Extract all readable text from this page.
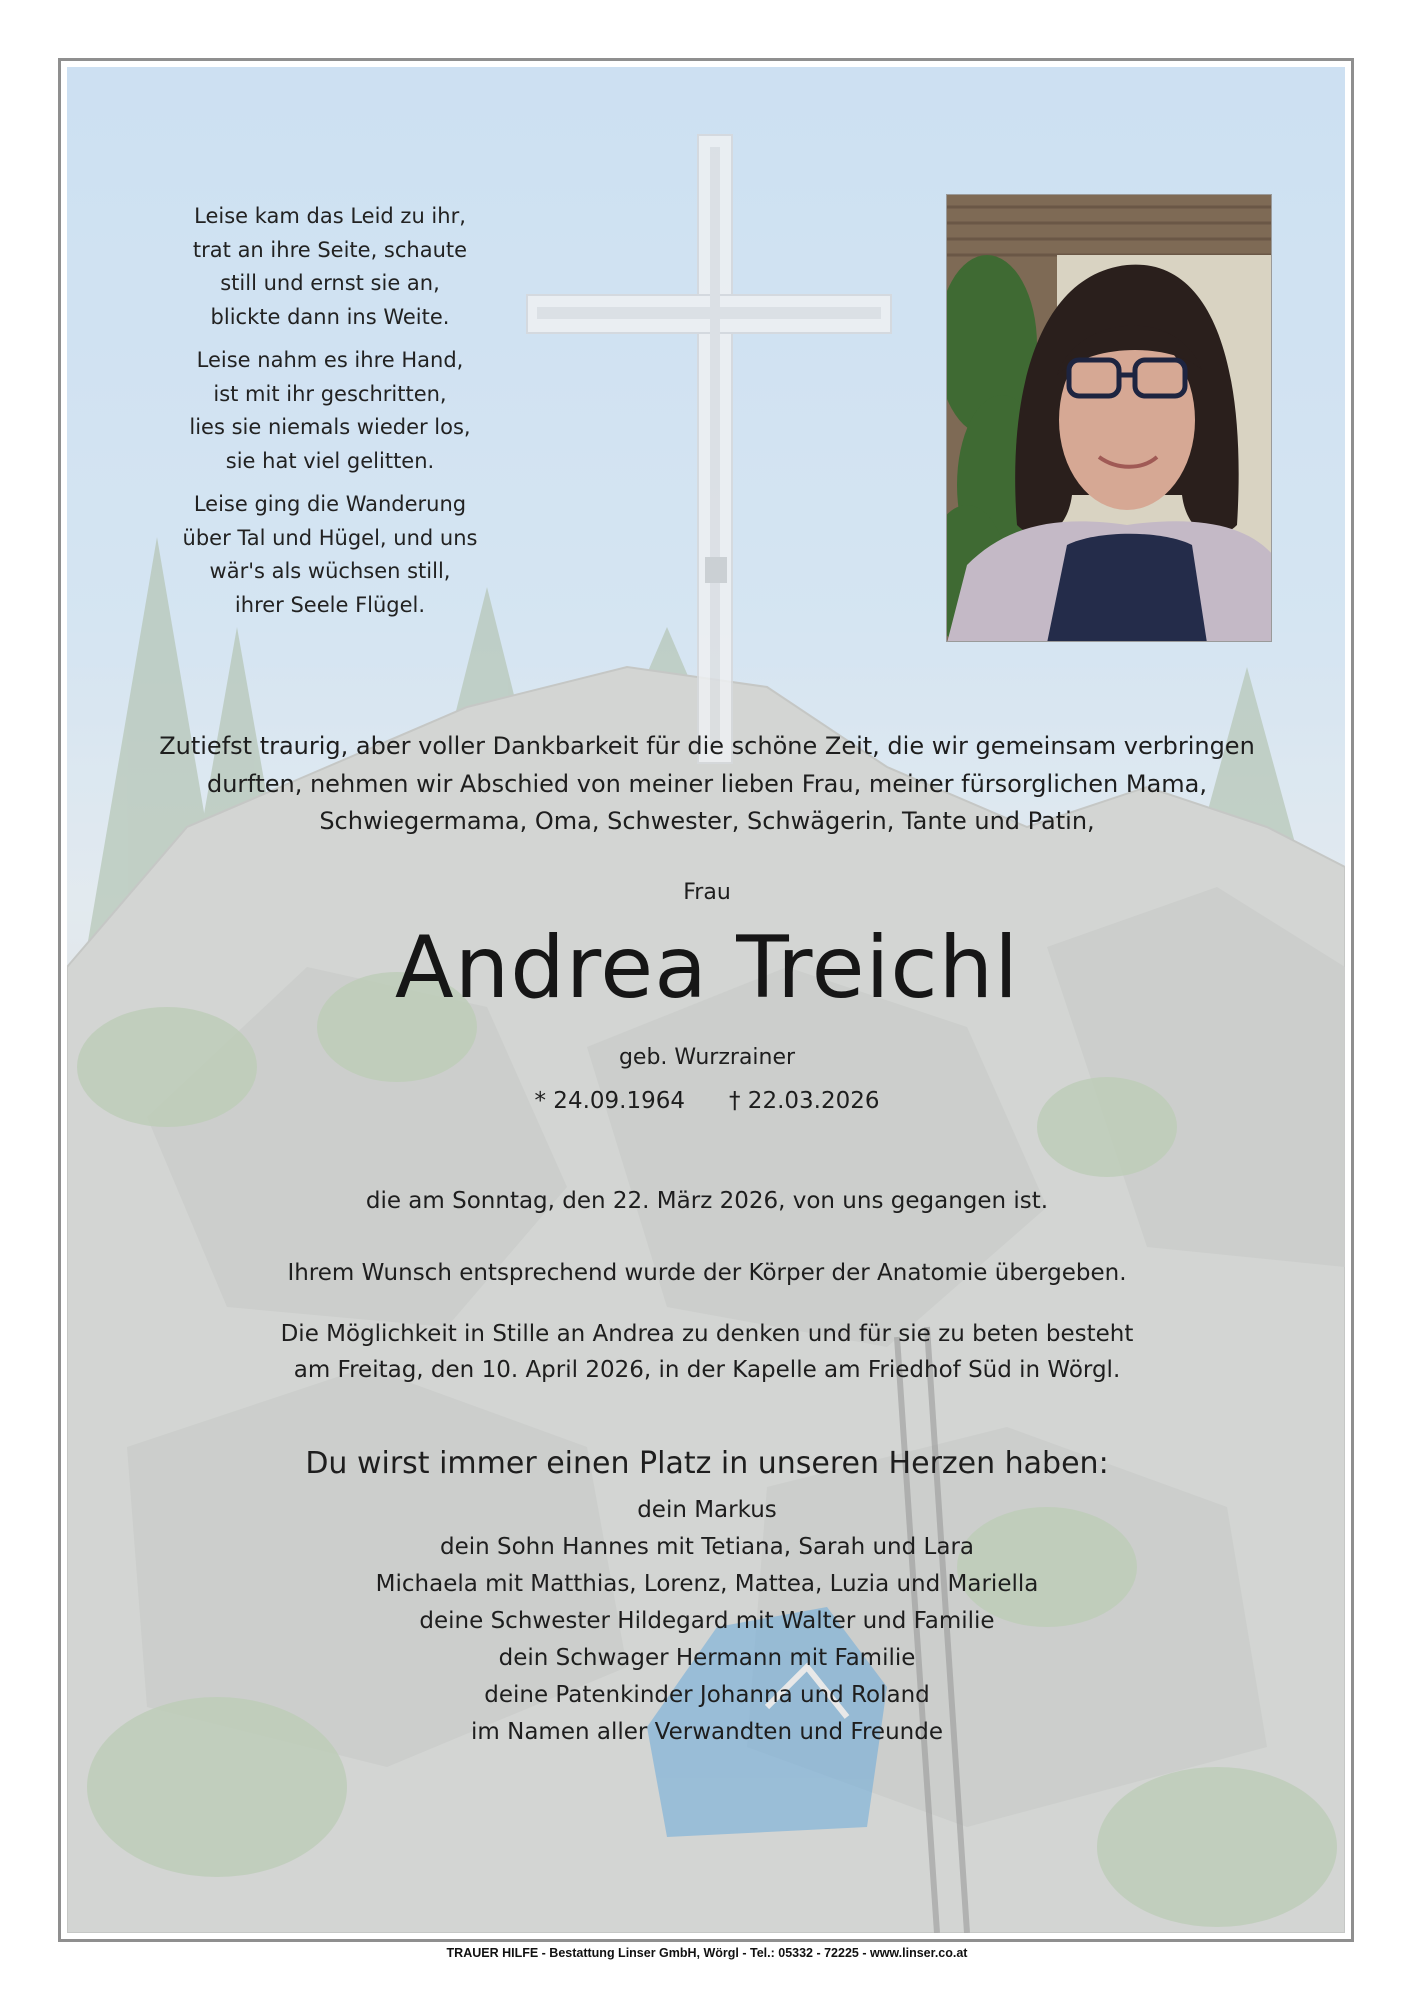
Leise kam das Leid zu ihr,
trat an ihre Seite, schaute
still und ernst sie an,
blickte dann ins Weite.
Leise nahm es ihre Hand,
ist mit ihr geschritten,
lies sie niemals wieder los,
sie hat viel gelitten.
Leise ging die Wanderung
über Tal und Hügel, und uns
wär's als wüchsen still,
ihrer Seele Flügel.
Zutiefst traurig, aber voller Dankbarkeit für die schöne Zeit, die wir gemeinsam verbringen
durften, nehmen wir Abschied von meiner lieben Frau, meiner fürsorglichen Mama,
Schwiegermama, Oma, Schwester, Schwägerin, Tante und Patin,
Frau
Andrea Treichl
geb. Wurzrainer
* 24.09.1964 † 22.03.2026
die am Sonntag, den 22. März 2026, von uns gegangen ist.
Ihrem Wunsch entsprechend wurde der Körper der Anatomie übergeben.
Die Möglichkeit in Stille an Andrea zu denken und für sie zu beten besteht
am Freitag, den 10. April 2026, in der Kapelle am Friedhof Süd in Wörgl.
Du wirst immer einen Platz in unseren Herzen haben:
dein Markus
dein Sohn Hannes mit Tetiana, Sarah und Lara
Michaela mit Matthias, Lorenz, Mattea, Luzia und Mariella
deine Schwester Hildegard mit Walter und Familie
dein Schwager Hermann mit Familie
deine Patenkinder Johanna und Roland
im Namen aller Verwandten und Freunde
TRAUER HILFE - Bestattung Linser GmbH, Wörgl - Tel.: 05332 - 72225 - www.linser.co.at
